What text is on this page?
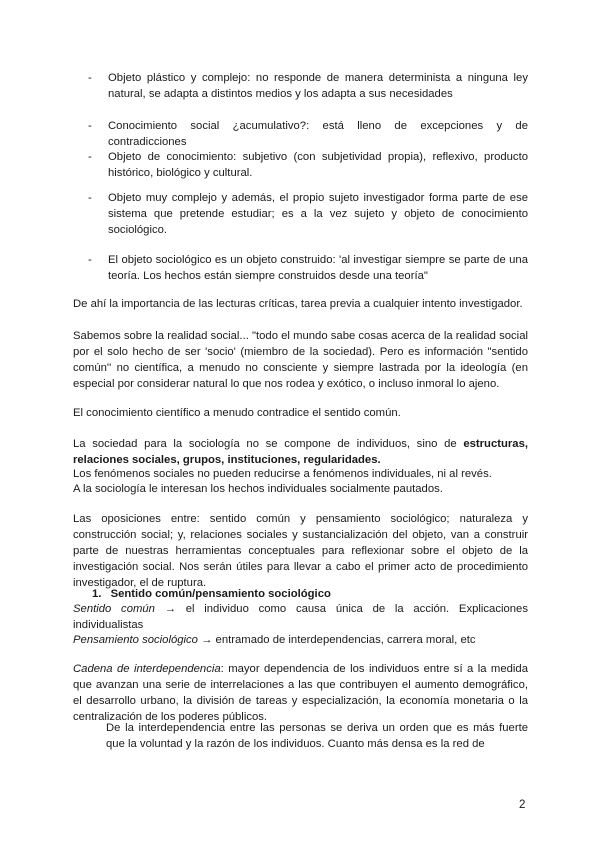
- Objeto plástico y complejo: no responde de manera determinista a ninguna ley natural, se adapta a distintos medios y los adapta a sus necesidades
- Conocimiento social ¿acumulativo?: está lleno de excepciones y de contradicciones
- Objeto de conocimiento: subjetivo (con subjetividad propia), reflexivo, producto histórico, biológico y cultural.
- Objeto muy complejo y además, el propio sujeto investigador forma parte de ese sistema que pretende estudiar; es a la vez sujeto y objeto de conocimiento sociológico.
- El objeto sociológico es un objeto construido: 'al investigar siempre se parte de una teoría. Los hechos están siempre construidos desde una teoría"
De ahí la importancia de las lecturas críticas, tarea previa a cualquier intento investigador.
Sabemos sobre la realidad social... "todo el mundo sabe cosas acerca de la realidad social por el solo hecho de ser 'socio' (miembro de la sociedad). Pero es información "sentido común'' no científica, a menudo no consciente y siempre lastrada por la ideología (en especial por considerar natural lo que nos rodea y exótico, o incluso inmoral lo ajeno.
El conocimiento científico a menudo contradice el sentido común.
La sociedad para la sociología no se compone de individuos, sino de estructuras, relaciones sociales, grupos, instituciones, regularidades.
Los fenómenos sociales no pueden reducirse a fenómenos individuales, ni al revés.
A la sociología le interesan los hechos individuales socialmente pautados.
Las oposiciones entre: sentido común y pensamiento sociológico; naturaleza y construcción social; y, relaciones sociales y sustancialización del objeto, van a construir parte de nuestras herramientas conceptuales para reflexionar sobre el objeto de la investigación social. Nos serán útiles para llevar a cabo el primer acto de procedimiento investigador, el de ruptura.
1. Sentido común/pensamiento sociológico
Sentido común → el individuo como causa única de la acción. Explicaciones individualistas
Pensamiento sociológico → entramado de interdependencias, carrera moral, etc
Cadena de interdependencia: mayor dependencia de los individuos entre sí a la medida que avanzan una serie de interrelaciones a las que contribuyen el aumento demográfico, el desarrollo urbano, la división de tareas y especialización, la economía monetaria o la centralización de los poderes públicos.
De la interdependencia entre las personas se deriva un orden que es más fuerte que la voluntad y la razón de los individuos. Cuanto más densa es la red de
2
